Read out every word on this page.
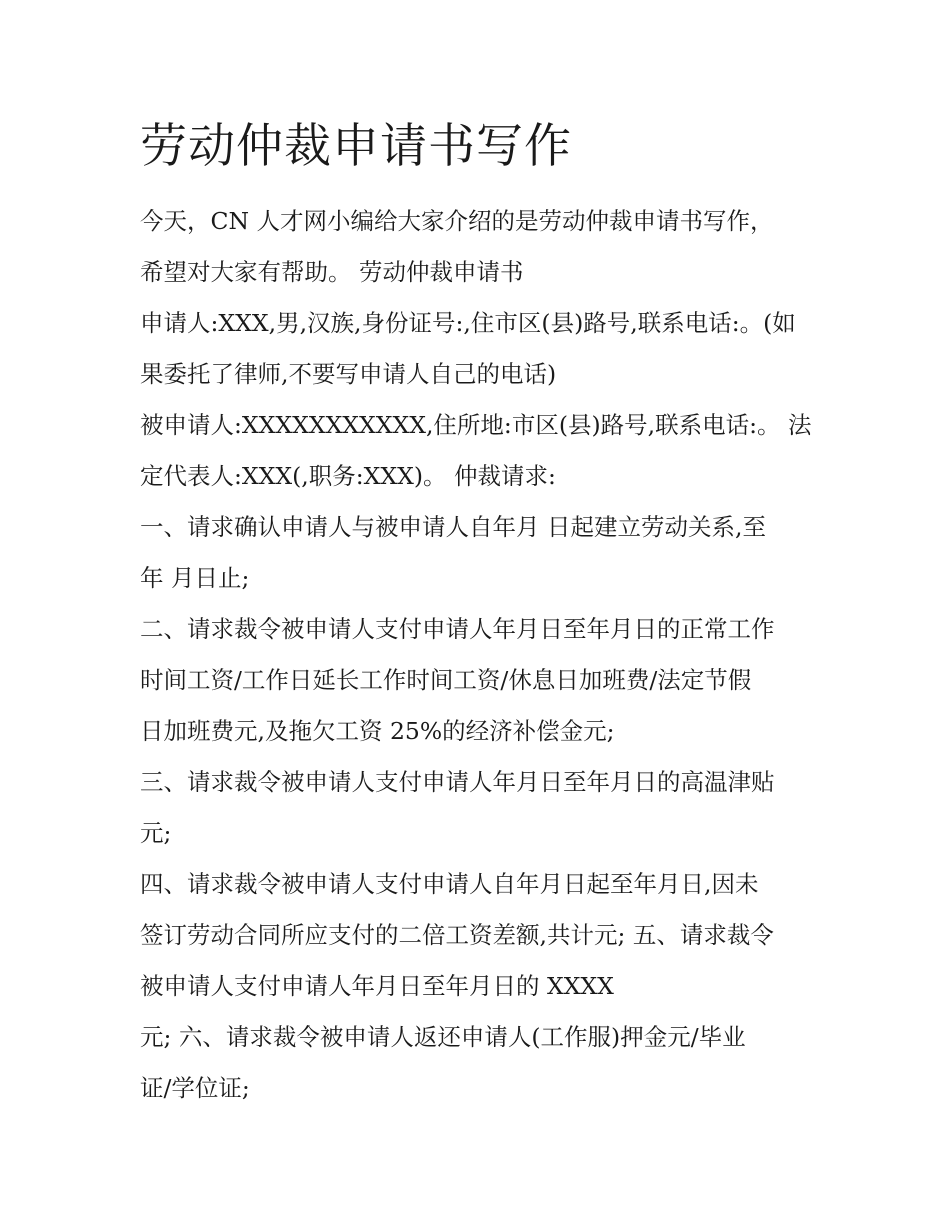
劳动仲裁申请书写作
今天，CN 人才网小编给大家介绍的是劳动仲裁申请书写作，
希望对大家有帮助。 劳动仲裁申请书
申请人:XXX,男,汉族,身份证号:,住市区(县)路号,联系电话:。(如
果委托了律师,不要写申请人自己的电话)
被申请人:XXXXXXXXXXX,住所地:市区(县)路号,联系电话:。 法
定代表人:XXX(,职务:XXX)。 仲裁请求:
一、请求确认申请人与被申请人自年月 日起建立劳动关系,至
年 月日止;
二、请求裁令被申请人支付申请人年月日至年月日的正常工作
时间工资/工作日延长工作时间工资/休息日加班费/法定节假
日加班费元,及拖欠工资 25%的经济补偿金元;
三、请求裁令被申请人支付申请人年月日至年月日的高温津贴
元;
四、请求裁令被申请人支付申请人自年月日起至年月日,因未
签订劳动合同所应支付的二倍工资差额,共计元; 五、请求裁令
被申请人支付申请人年月日至年月日的 XXXX
元; 六、请求裁令被申请人返还申请人(工作服)押金元/毕业
证/学位证;
